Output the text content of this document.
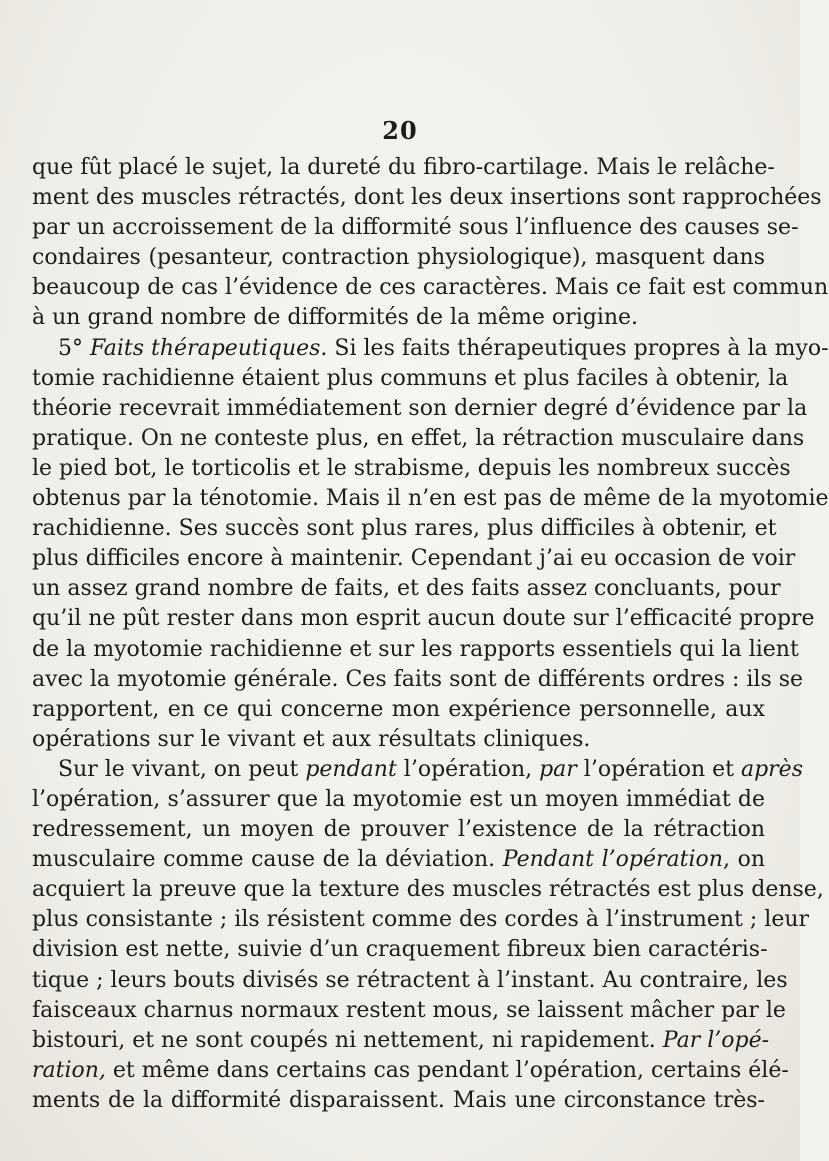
20
que fût placé le sujet, la dureté du fibro-cartilage. Mais le relâche-
ment des muscles rétractés, dont les deux insertions sont rapprochées
par un accroissement de la difformité sous l’influence des causes se-
condaires (pesanteur, contraction physiologique), masquent dans
beaucoup de cas l’évidence de ces caractères. Mais ce fait est commun
à un grand nombre de difformités de la même origine.
5° Faits thérapeutiques. Si les faits thérapeutiques propres à la myo-
tomie rachidienne étaient plus communs et plus faciles à obtenir, la
théorie recevrait immédiatement son dernier degré d’évidence par la
pratique. On ne conteste plus, en effet, la rétraction musculaire dans
le pied bot, le torticolis et le strabisme, depuis les nombreux succès
obtenus par la ténotomie. Mais il n’en est pas de même de la myotomie
rachidienne. Ses succès sont plus rares, plus difficiles à obtenir, et
plus difficiles encore à maintenir. Cependant j’ai eu occasion de voir
un assez grand nombre de faits, et des faits assez concluants, pour
qu’il ne pût rester dans mon esprit aucun doute sur l’efficacité propre
de la myotomie rachidienne et sur les rapports essentiels qui la lient
avec la myotomie générale. Ces faits sont de différents ordres : ils se
rapportent, en ce qui concerne mon expérience personnelle, aux
opérations sur le vivant et aux résultats cliniques.
Sur le vivant, on peut pendant l’opération, par l’opération et après
l’opération, s’assurer que la myotomie est un moyen immédiat de
redressement, un moyen de prouver l’existence de la rétraction
musculaire comme cause de la déviation. Pendant l’opération, on
acquiert la preuve que la texture des muscles rétractés est plus dense,
plus consistante ; ils résistent comme des cordes à l’instrument ; leur
division est nette, suivie d’un craquement fibreux bien caractéris-
tique ; leurs bouts divisés se rétractent à l’instant. Au contraire, les
faisceaux charnus normaux restent mous, se laissent mâcher par le
bistouri, et ne sont coupés ni nettement, ni rapidement. Par l’opé-
ration, et même dans certains cas pendant l’opération, certains élé-
ments de la difformité disparaissent. Mais une circonstance très-
